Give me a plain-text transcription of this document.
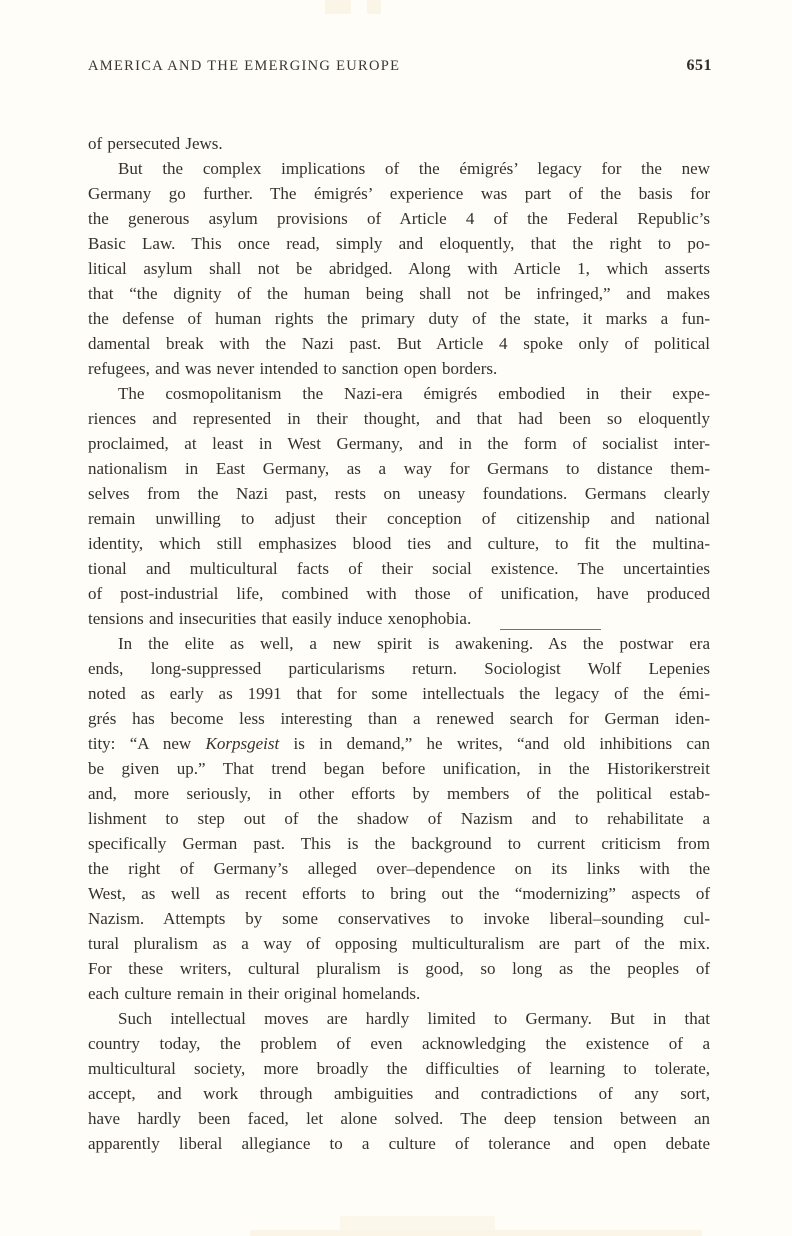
AMERICA AND THE EMERGING EUROPE	651
of persecuted Jews.
But the complex implications of the émigrés’ legacy for the new
Germany go further. The émigrés’ experience was part of the basis for
the generous asylum provisions of Article 4 of the Federal Republic’s
Basic Law. This once read, simply and eloquently, that the right to po-
litical asylum shall not be abridged. Along with Article 1, which asserts
that “the dignity of the human being shall not be infringed,” and makes
the defense of human rights the primary duty of the state, it marks a fun-
damental break with the Nazi past. But Article 4 spoke only of political
refugees, and was never intended to sanction open borders.
The cosmopolitanism the Nazi-era émigrés embodied in their expe-
riences and represented in their thought, and that had been so eloquently
proclaimed, at least in West Germany, and in the form of socialist inter-
nationalism in East Germany, as a way for Germans to distance them-
selves from the Nazi past, rests on uneasy foundations. Germans clearly
remain unwilling to adjust their conception of citizenship and national
identity, which still emphasizes blood ties and culture, to fit the multina-
tional and multicultural facts of their social existence. The uncertainties
of post-industrial life, combined with those of unification, have produced
tensions and insecurities that easily induce xenophobia.
In the elite as well, a new spirit is awakening. As the postwar era
ends, long-suppressed particularisms return. Sociologist Wolf Lepenies
noted as early as 1991 that for some intellectuals the legacy of the émi-
grés has become less interesting than a renewed search for German iden-
tity: “A new Korpsgeist is in demand,” he writes, “and old inhibitions can
be given up.” That trend began before unification, in the Historikerstreit
and, more seriously, in other efforts by members of the political estab-
lishment to step out of the shadow of Nazism and to rehabilitate a
specifically German past. This is the background to current criticism from
the right of Germany’s alleged over–dependence on its links with the
West, as well as recent efforts to bring out the “modernizing” aspects of
Nazism. Attempts by some conservatives to invoke liberal–sounding cul-
tural pluralism as a way of opposing multiculturalism are part of the mix.
For these writers, cultural pluralism is good, so long as the peoples of
each culture remain in their original homelands.
Such intellectual moves are hardly limited to Germany. But in that
country today, the problem of even acknowledging the existence of a
multicultural society, more broadly the difficulties of learning to tolerate,
accept, and work through ambiguities and contradictions of any sort,
have hardly been faced, let alone solved. The deep tension between an
apparently liberal allegiance to a culture of tolerance and open debate
